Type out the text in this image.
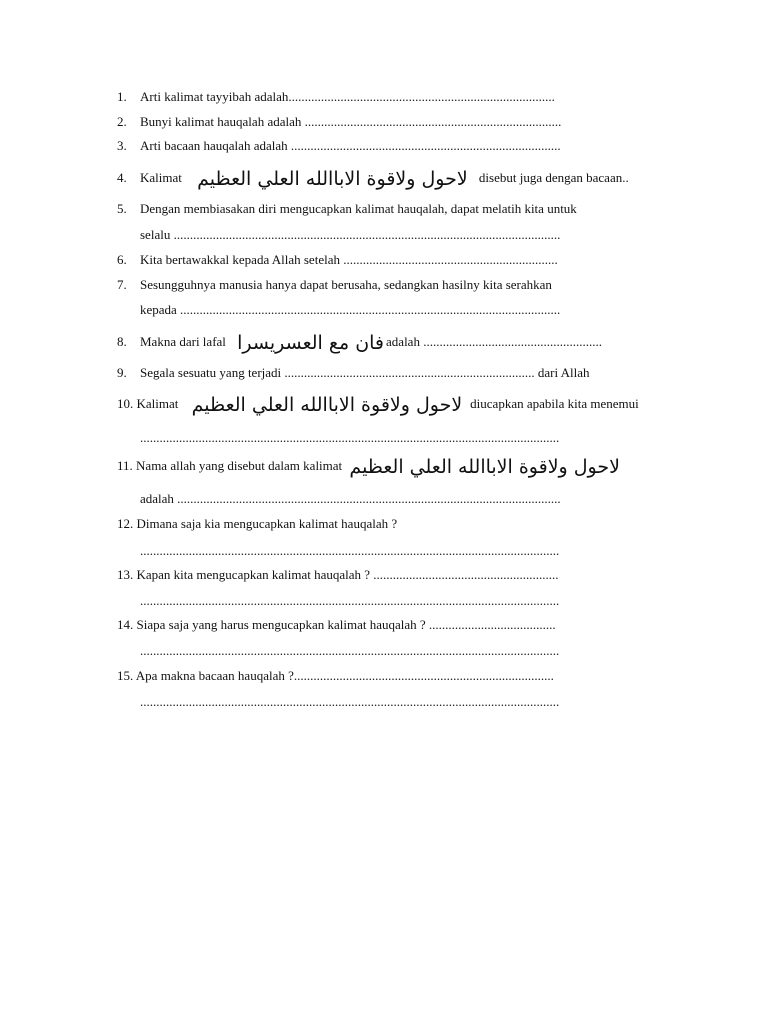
1. Arti kalimat tayyibah adalah..................................................................................
2. Bunyi kalimat hauqalah adalah ...............................................................................
3. Arti bacaan hauqalah adalah ...................................................................................
4. Kalimat لاحول ولاقوة الاباالله العلي العظيم disebut juga dengan bacaan..
5. Dengan membiasakan diri mengucapkan kalimat hauqalah, dapat melatih kita untuk
selalu .......................................................................................................................
6. Kita bertawakkal kepada Allah setelah ..................................................................
7. Sesungguhnya manusia hanya dapat berusaha, sedangkan hasilny kita serahkan
kepada .....................................................................................................................
8. Makna dari lafal فان مع العسريسرا adalah .......................................................
9. Segala sesuatu yang terjadi ............................................................................. dari Allah
10. Kalimat لاحول ولاقوة الاباالله العلي العظيم diucapkan apabila kita menemui
.................................................................................................................................
11. Nama allah yang disebut dalam kalimat لاحول ولاقوة الاباالله العلي العظيم
adalah ......................................................................................................................
12. Dimana saja kia mengucapkan kalimat hauqalah ?
.................................................................................................................................
13. Kapan kita mengucapkan kalimat hauqalah ? .........................................................
.................................................................................................................................
14. Siapa saja yang harus mengucapkan kalimat hauqalah ? .......................................
.................................................................................................................................
15. Apa makna bacaan hauqalah ?................................................................................
.................................................................................................................................
